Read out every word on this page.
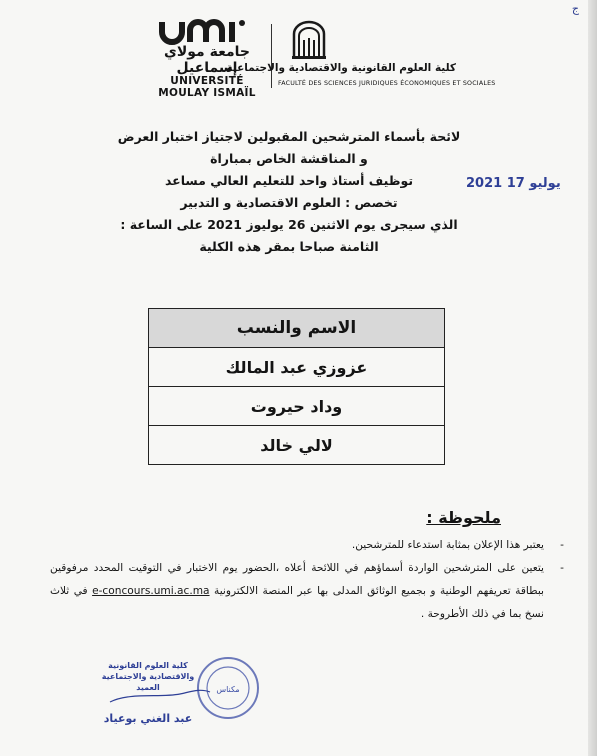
ج
جامعة مولاي إسماعيل
UNIVERSITÉ MOULAY ISMAÏL
كلية العلوم القانونية والاقتصادية والاجتماعية
FACULTÉ DES SCIENCES JURIDIQUES ÉCONOMIQUES ET SOCIALES
لائحة بأسماء المترشحين المقبولين لاجتياز اختبار العرض
و المناقشة الخاص بمباراة
توظيف أستاذ واحد للتعليم العالي مساعد
تخصص : العلوم الاقتصادية و التدبير
الذي سيجرى يوم الاثنين 26 يوليوز 2021 على الساعة :
الثامنة صباحا بمقر هذه الكلية
2021 يوليو 17
الاسم والنسب
عزوزي عبد المالك
وداد حيروت
لالي خالد
ملحوظة :
-
يعتبر هذا الإعلان بمثابة استدعاء للمترشحين.
-
يتعين على المترشحين الواردة أسماؤهم في اللائحة أعلاه ،الحضور يوم الاختبار في التوقيت المحدد مرفوقين ببطاقة تعريفهم الوطنية و بجميع الوثائق المدلى بها عبر المنصة الالكترونية e-concours.umi.ac.ma في ثلاث نسخ بما في ذلك الأطروحة .
كلية العلوم القانونية
والاقتصادية والاجتماعية
العميد
عبد الغني بوعياد
مكناس
